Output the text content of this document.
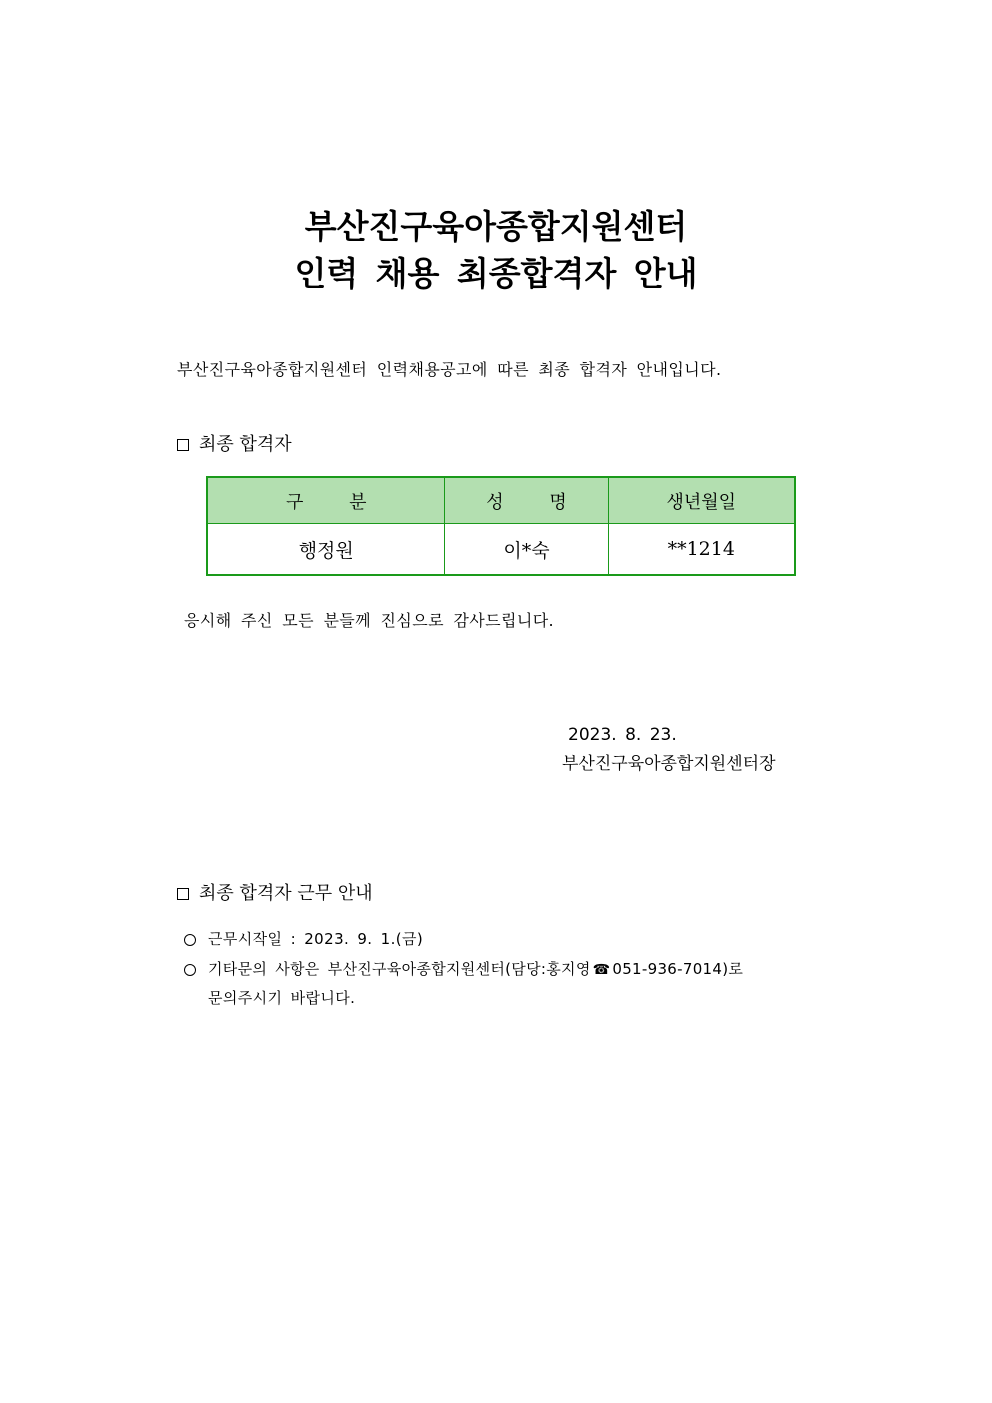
부산진구육아종합지원센터
인력 채용 최종합격자 안내
부산진구육아종합지원센터 인력채용공고에 따른 최종 합격자 안내입니다.
최종 합격자
구 분	성 명	생년월일
행정원	이*숙	**1214
응시해 주신 모든 분들께 진심으로 감사드립니다.
2023. 8. 23.
부산진구육아종합지원센터장
최종 합격자 근무 안내
근무시작일 : 2023. 9. 1.(금)
기타문의 사항은 부산진구육아종합지원센터(담당:홍지영 ☎ 051-936-7014)로
문의주시기 바랍니다.
